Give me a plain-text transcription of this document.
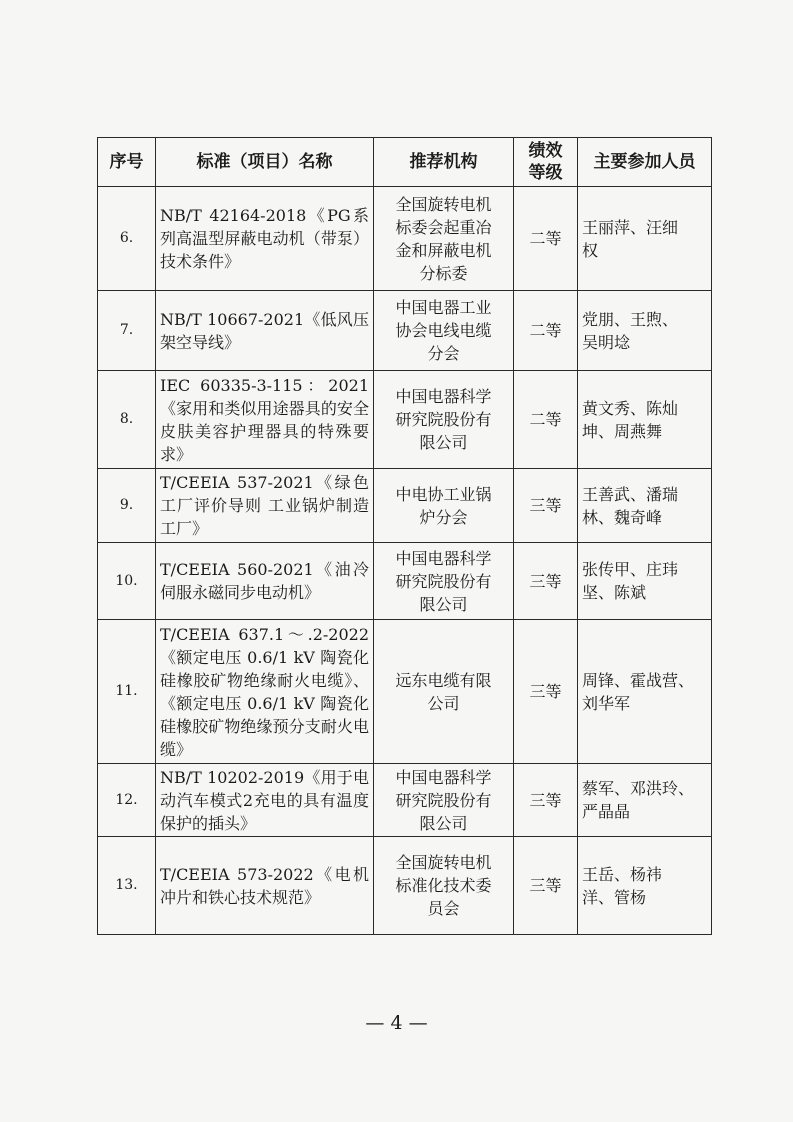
序号	标准（项目）名称	推荐机构	绩效
等级	主要参加人员
6.	NB/T 42164-2018《PG系列高温型屏蔽电动机（带泵）技术条件》	全国旋转电机
标委会起重冶
金和屏蔽电机
分标委	二等	王丽萍、汪细
权

7.	NB/T 10667-2021《低风压架空导线》	中国电器工业
协会电线电缆
分会	二等	党朋、王煦、
吴明埝

8.	IEC 60335-3-115：2021《家用和类似用途器具的安全 皮肤美容护理器具的特殊要求》	中国电器科学
研究院股份有
限公司	二等	黄文秀、陈灿
坤、周燕舞

9.	T/CEEIA 537-2021《绿色工厂评价导则 工业锅炉制造工厂》	中电协工业锅
炉分会	三等	王善武、潘瑞
林、魏奇峰

10.	T/CEEIA 560-2021《油冷伺服永磁同步电动机》	中国电器科学
研究院股份有
限公司	三等	张传甲、庄玮
坚、陈斌

11.	T/CEEIA 637.1～.2-2022《额定电压 0.6/1 kV 陶瓷化硅橡胶矿物绝缘耐火电缆》、《额定电压 0.6/1 kV 陶瓷化硅橡胶矿物绝缘预分支耐火电缆》	远东电缆有限
公司	三等	周锋、霍战营、
刘华军

12.	NB/T 10202-2019《用于电动汽车模式2充电的具有温度保护的插头》	中国电器科学
研究院股份有
限公司	三等	蔡军、邓洪玲、
严晶晶

13.	T/CEEIA 573-2022《电机冲片和铁心技术规范》	全国旋转电机
标准化技术委
员会	三等	王岳、杨祎
洋、管杨
— 4 —
